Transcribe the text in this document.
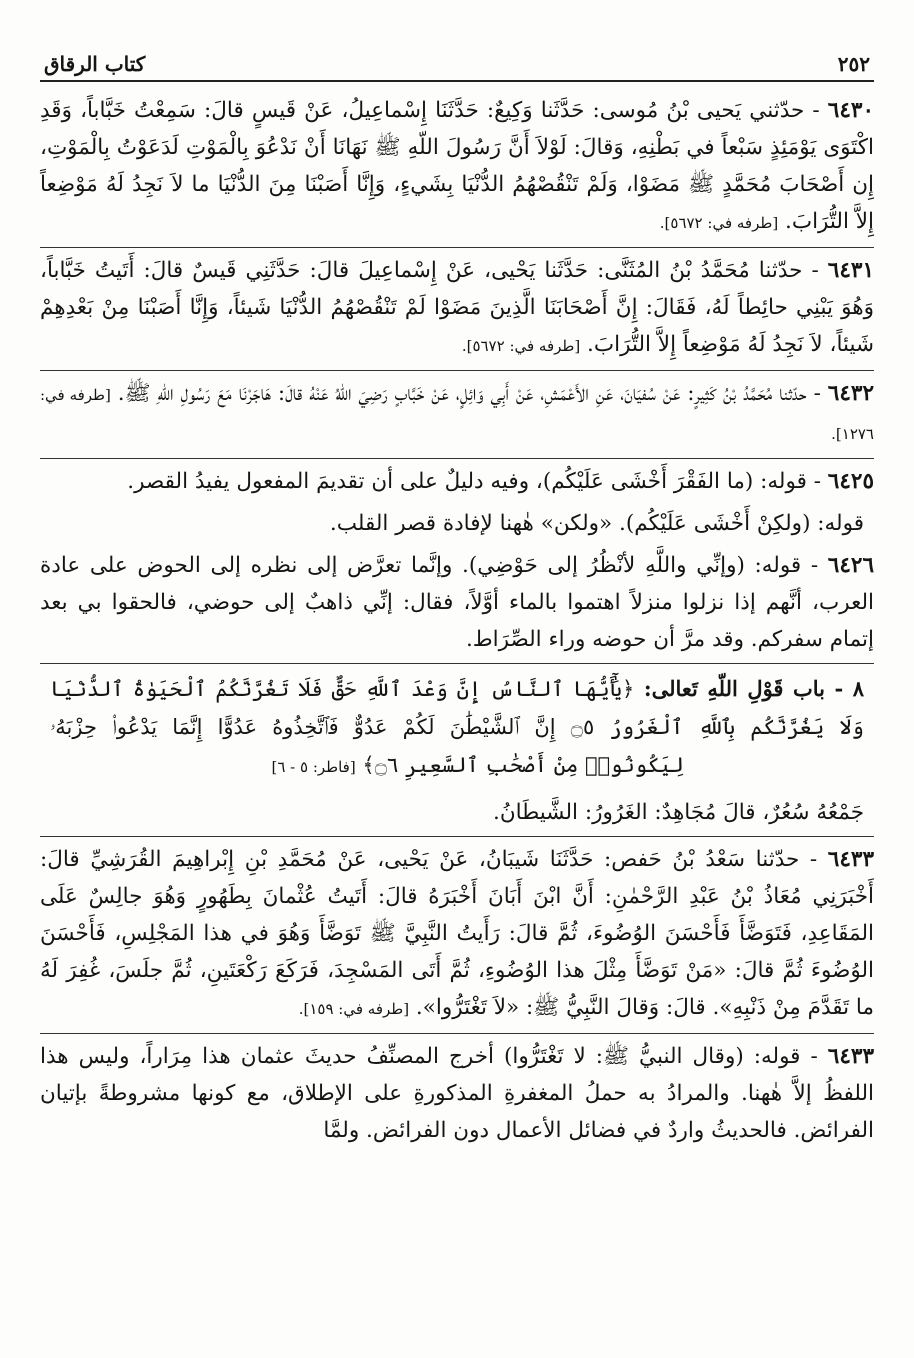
٢٥٢
كتاب الرقاق

٦٤٣٠ - حدّثني يَحيى بْنُ مُوسى: حَدَّثَنا وَكِيعٌ: حَدَّثَنَا إِسْماعِيلُ، عَنْ قَيسٍ قالَ: سَمِعْتُ خَبَّاباً، وَقَدِ اكْتَوَى يَوْمَئِذٍ سَبْعاً في بَطْنِهِ، وَقالَ: لَوْلاَ أَنَّ رَسُولَ اللّهِ ﷺ نَهَانَا أَنْ نَدْعُوَ بِالْمَوْتِ لَدَعَوْتُ بِالْمَوْتِ، إِن أَصْحَابَ مُحَمَّدٍ ﷺ مَضَوْا، وَلَمْ تَنْقُصْهُمُ الدُّنْيَا بِشَيءٍ، وَإِنَّا أَصَبْنَا مِنَ الدُّنْيَا ما لاَ نَجِدُ لَهُ مَوْضِعاً إِلاَّ التُّرَابَ. [طرفه في: ٥٦٧٢].

٦٤٣١ - حدّثنا مُحَمَّدُ بْنُ المُثَنَّى: حَدَّثَنا يَحْيى، عَنْ إِسْماعِيلَ قالَ: حَدَّثَنِي قَيسٌ قالَ: أَتَيتُ خَبَّاباً، وَهُوَ يَبْنِي حائِطاً لَهُ، فَقَالَ: إِنَّ أَصْحَابَنَا الَّذِينَ مَضَوْا لَمْ تَنْقُصْهُمُ الدُّنْيَا شَيئاً، وَإِنَّا أَصَبْنَا مِنْ بَعْدِهِمْ شَيئاً، لاَ نَجِدُ لَهُ مَوْضِعاً إِلاَّ التُّرَابَ. [طرفه في: ٥٦٧٢].

٦٤٣٢ - حدّثنا مُحَمَّدُ بْنُ كَثِيرٍ: عَنْ سُفيَانَ، عَنِ الأَعْمَشِ، عَنْ أَبِي وَائِلٍ، عَنْ خَبَّابٍ رَضِيَ اللّهُ عَنْهُ قالَ: هَاجَرْنَا مَعَ رَسُولِ اللّهِ ﷺ. [طرفه في: ١٢٧٦].

٦٤٢٥ - قوله: (ما الفَقْرَ أَخْشَى عَلَيْكُم)، وفيه دليلٌ على أن تقديمَ المفعول يفيدُ القصر.

قوله: (ولكِنْ أَخْشَى عَلَيْكُم). «ولكن» هٰهنا لإفادة قصر القلب.

٦٤٢٦ - قوله: (وإنِّي واللَّهِ لأنْظُرُ إلى حَوْضِي). وإنَّما تعرَّض إلى نظره إلى الحوض على عادة العرب، أنَّهم إذا نزلوا منزلاً اهتموا بالماء أوَّلاً، فقال: إنِّي ذاهبٌ إلى حوضي، فالحقوا بي بعد إتمام سفركم. وقد مرَّ أن حوضه وراء الصِّرَاط.

٨ - باب قَوْلِ اللّهِ تَعالى: ﴿يَٰٓأَيُّهَا ٱلنَّاسُ إِنَّ وَعْدَ ٱللَّهِ حَقٌّ فَلَا تَغُرَّنَّكُمُ ٱلْحَيَوٰةُ ٱلدُّنْيَا
وَلَا يَغُرَّنَّكُم بِٱللَّهِ ٱلْغَرُورُ ۝٥ إِنَّ ٱلشَّيْطَٰنَ لَكُمْ عَدُوٌّ فَٱتَّخِذُوهُ عَدُوًّا إِنَّمَا يَدْعُوا۟ حِزْبَهُۥ
لِيَكُونُوا۟ مِنْ أَصْحَٰبِ ٱلسَّعِيرِ ۝٦﴾ [فاطر: ٥ - ٦]

جَمْعُهُ سُعُرٌ، قالَ مُجَاهِدٌ: الغَرُورُ: الشَّيطَانُ.

٦٤٣٣ - حدّثنا سَعْدُ بْنُ حَفص: حَدَّثَنَا شَيبَانُ، عَنْ يَحْيى، عَنْ مُحَمَّدِ بْنِ إِبْراهِيمَ القُرَشِيِّ قالَ: أَخْبَرَنِي مُعَاذُ بْنُ عَبْدِ الرَّحْمٰنِ: أَنَّ ابْنَ أَبَانَ أَخْبَرَهُ قالَ: أَتَيتُ عُثْمانَ بِطَهُورٍ وَهُوَ جالِسٌ عَلَى المَقَاعِدِ، فَتَوَضَّأَ فَأَحْسَنَ الوُضُوءَ، ثُمَّ قالَ: رَأَيتُ النَّبِيَّ ﷺ تَوَضَّأَ وَهُوَ في هذا المَجْلِسِ، فَأَحْسَنَ الوُضُوءَ ثُمَّ قالَ: «مَنْ تَوَضَّأَ مِثْلَ هذا الوُضُوءِ، ثُمَّ أَتَى المَسْجِدَ، فَرَكَعَ رَكْعَتَينِ، ثُمَّ جلَسَ، غُفِرَ لَهُ ما تَقَدَّمَ مِنْ ذَنْبِهِ». قالَ: وَقالَ النَّبِيُّ ﷺ: «لاَ تَغْتَرُّوا». [طرفه في: ١٥٩].

٦٤٣٣ - قوله: (وقال النبيُّ ﷺ: لا تَغْتَرُّوا) أخرج المصنِّفُ حديثَ عثمان هذا مِرَاراً، وليس هذا اللفظُ إلاَّ هٰهنا. والمرادُ به حملُ المغفرةِ المذكورةِ على الإطلاق، مع كونها مشروطةً بإتيان الفرائض. فالحديثُ واردٌ في فضائل الأعمال دون الفرائض. ولمَّا
